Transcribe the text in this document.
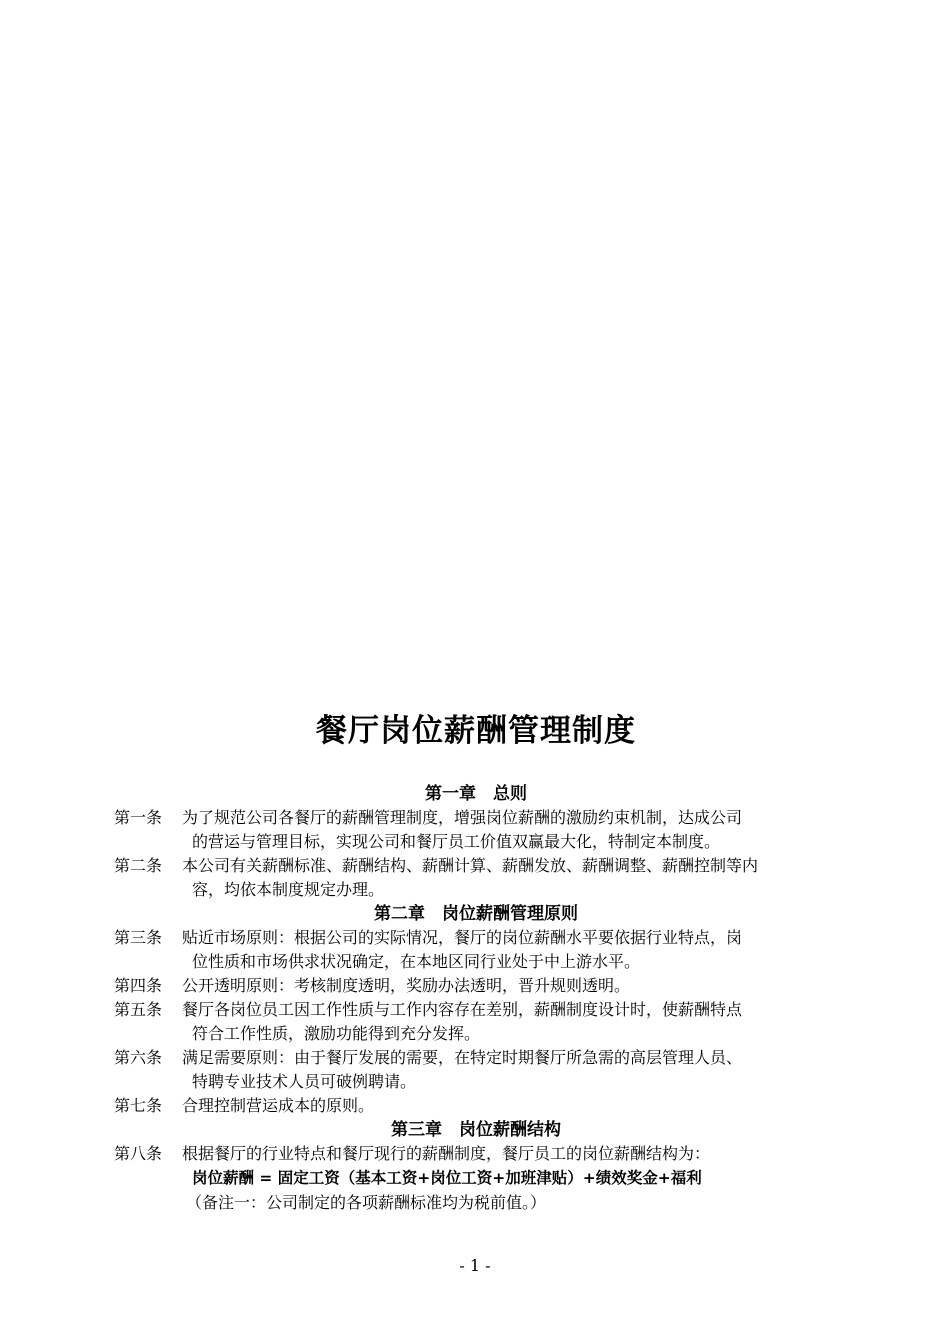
餐厅岗位薪酬管理制度
第一章　总则
第一条	为了规范公司各餐厅的薪酬管理制度，增强岗位薪酬的激励约束机制，达成公司
的营运与管理目标，实现公司和餐厅员工价值双赢最大化，特制定本制度。
第二条	本公司有关薪酬标准、薪酬结构、薪酬计算、薪酬发放、薪酬调整、薪酬控制等内
容，均依本制度规定办理。
第二章　岗位薪酬管理原则
第三条	贴近市场原则：根据公司的实际情况，餐厅的岗位薪酬水平要依据行业特点，岗
位性质和市场供求状况确定，在本地区同行业处于中上游水平。
第四条	公开透明原则：考核制度透明，奖励办法透明，晋升规则透明。
第五条	餐厅各岗位员工因工作性质与工作内容存在差别，薪酬制度设计时，使薪酬特点
符合工作性质，激励功能得到充分发挥。
第六条	满足需要原则：由于餐厅发展的需要，在特定时期餐厅所急需的高层管理人员、
特聘专业技术人员可破例聘请。
第七条	合理控制营运成本的原则。
第三章　岗位薪酬结构
第八条	根据餐厅的行业特点和餐厅现行的薪酬制度，餐厅员工的岗位薪酬结构为：
岗位薪酬 = 固定工资（基本工资+岗位工资+加班津贴）+绩效奖金+福利
（备注一：公司制定的各项薪酬标准均为税前值。）
- 1 -
